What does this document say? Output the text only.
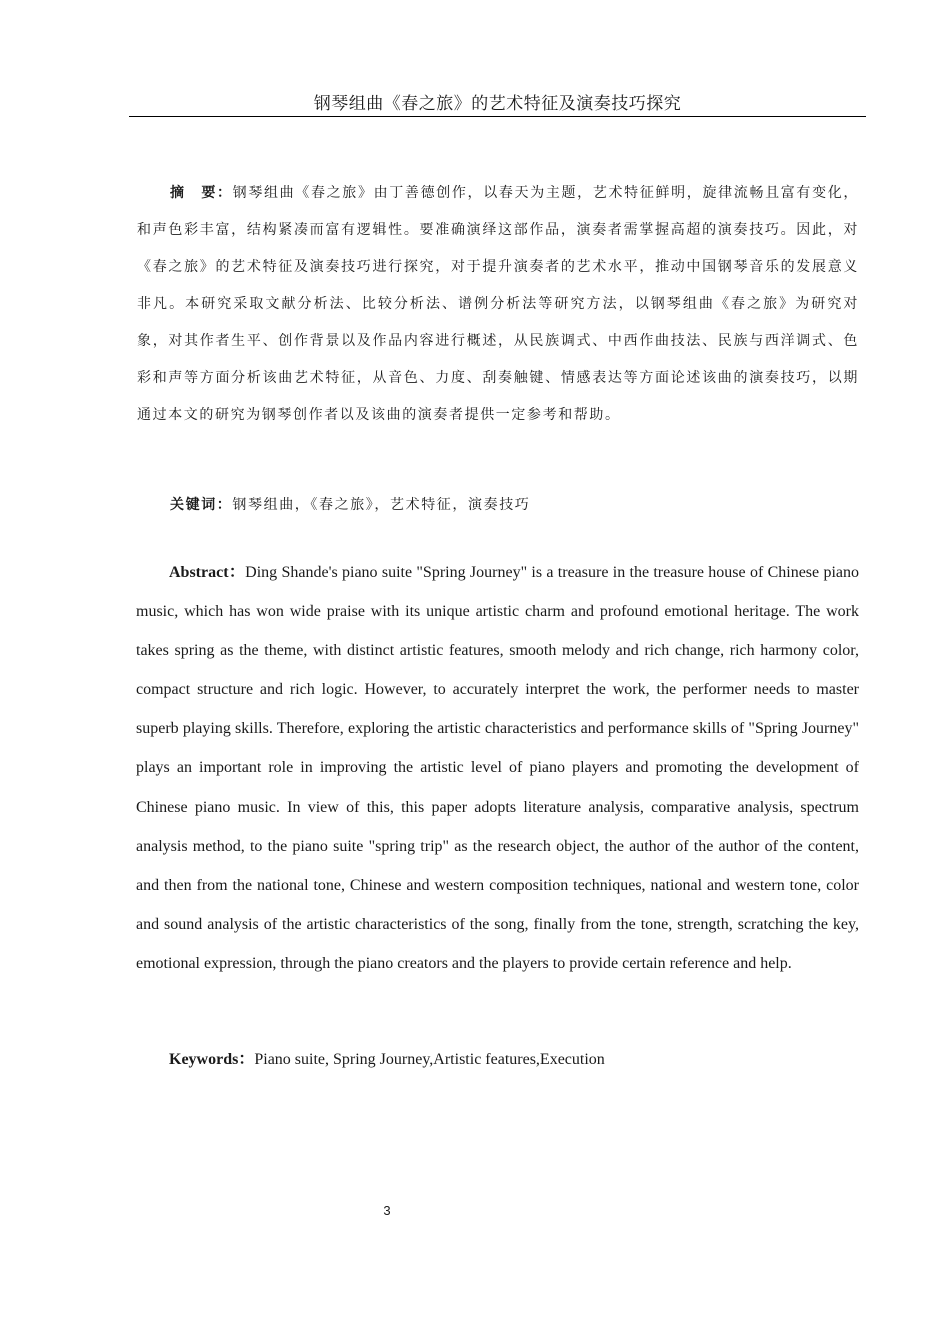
钢琴组曲《春之旅》的艺术特征及演奏技巧探究

摘　要：钢琴组曲《春之旅》由丁善德创作，以春天为主题，艺术特征鲜明，旋律流畅且富有变化，和声色彩丰富，结构紧凑而富有逻辑性。要准确演绎这部作品，演奏者需掌握高超的演奏技巧。因此，对《春之旅》的艺术特征及演奏技巧进行探究，对于提升演奏者的艺术水平，推动中国钢琴音乐的发展意义非凡。本研究采取文献分析法、比较分析法、谱例分析法等研究方法，以钢琴组曲《春之旅》为研究对象，对其作者生平、创作背景以及作品内容进行概述，从民族调式、中西作曲技法、民族与西洋调式、色彩和声等方面分析该曲艺术特征，从音色、力度、刮奏触键、情感表达等方面论述该曲的演奏技巧，以期通过本文的研究为钢琴创作者以及该曲的演奏者提供一定参考和帮助。

关键词：钢琴组曲，《春之旅》，艺术特征，演奏技巧

Abstract：Ding Shande's piano suite "Spring Journey" is a treasure in the treasure house of Chinese piano music, which has won wide praise with its unique artistic charm and profound emotional heritage. The work takes spring as the theme, with distinct artistic features, smooth melody and rich change, rich harmony color, compact structure and rich logic. However, to accurately interpret the work, the performer needs to master superb playing skills. Therefore, exploring the artistic characteristics and performance skills of "Spring Journey" plays an important role in improving the artistic level of piano players and promoting the development of Chinese piano music. In view of this, this paper adopts literature analysis, comparative analysis, spectrum analysis method, to the piano suite "spring trip" as the research object, the author of the author of the content, and then from the national tone, Chinese and western composition techniques, national and western tone, color and sound analysis of the artistic characteristics of the song, finally from the tone, strength, scratching the key, emotional expression, through the piano creators and the players to provide certain reference and help.

Keywords：Piano suite, Spring Journey,Artistic features,Execution

3
